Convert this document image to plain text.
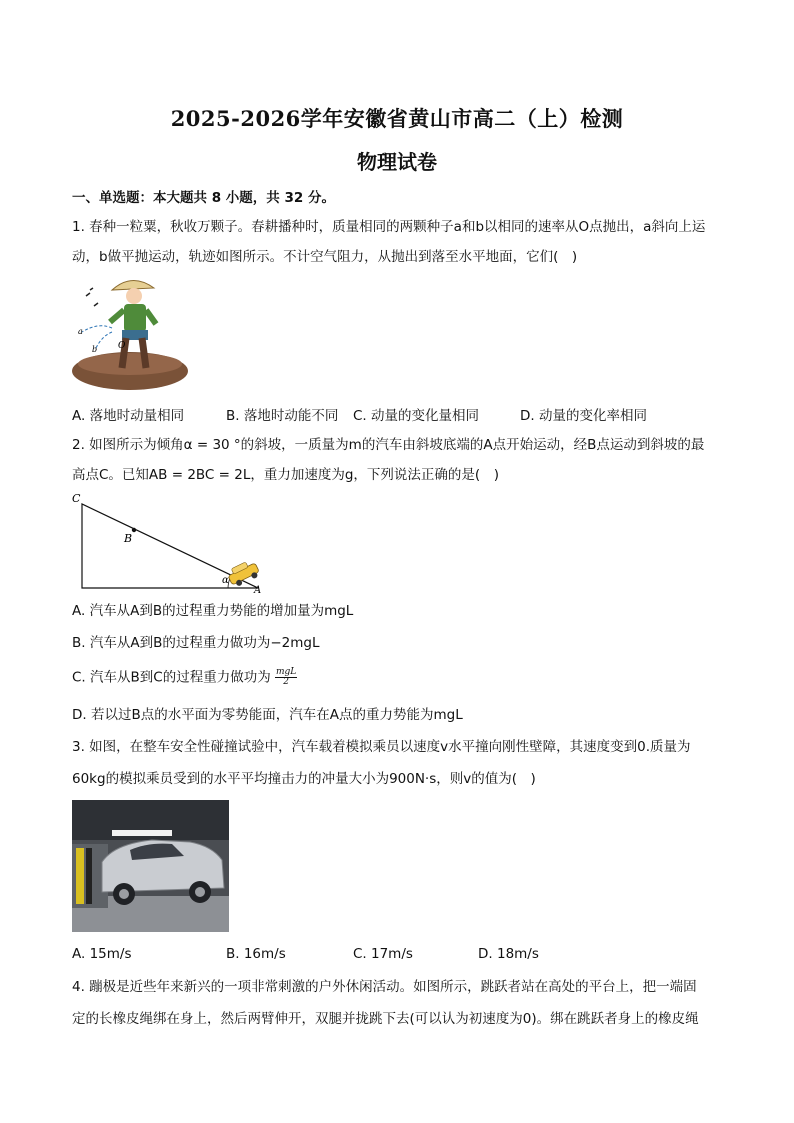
2025-2026学年安徽省黄山市高二（上）检测
物理试卷
一、单选题：本大题共 8 小题，共 32 分。
1. 春种一粒粟，秋收万颗子。春耕播种时，质量相同的两颗种子a和b以相同的速率从O点抛出，a斜向上运
动，b做平抛运动，轨迹如图所示。不计空气阻力，从抛出到落至水平地面，它们(　)
a
b O
A. 落地时动量相同	B. 落地时动能不同 C. 动量的变化量相同	D. 动量的变化率相同
2. 如图所示为倾角α = 30 °的斜坡，一质量为m的汽车由斜坡底端的A点开始运动，经B点运动到斜坡的最
高点C。已知AB = 2BC = 2L，重力加速度为g，下列说法正确的是(　)
C
B
α
A
A. 汽车从A到B的过程重力势能的增加量为mgL
B. 汽车从A到B的过程重力做功为−2mgL
C. 汽车从B到C的过程重力做功为 $\frac{\text{mgL}}{2}$
D. 若以过B点的水平面为零势能面，汽车在A点的重力势能为mgL
3. 如图，在整车安全性碰撞试验中，汽车载着模拟乘员以速度v水平撞向刚性壁障，其速度变到0.质量为
60kg的模拟乘员受到的水平平均撞击力的冲量大小为900N·s，则v的值为(　)
A. 15m/s	B. 16m/s	C. 17m/s	D. 18m/s
4. 蹦极是近些年来新兴的一项非常刺激的户外休闲活动。如图所示，跳跃者站在高处的平台上，把一端固
定的长橡皮绳绑在身上，然后两臂伸开，双腿并拢跳下去(可以认为初速度为0)。绑在跳跃者身上的橡皮绳
